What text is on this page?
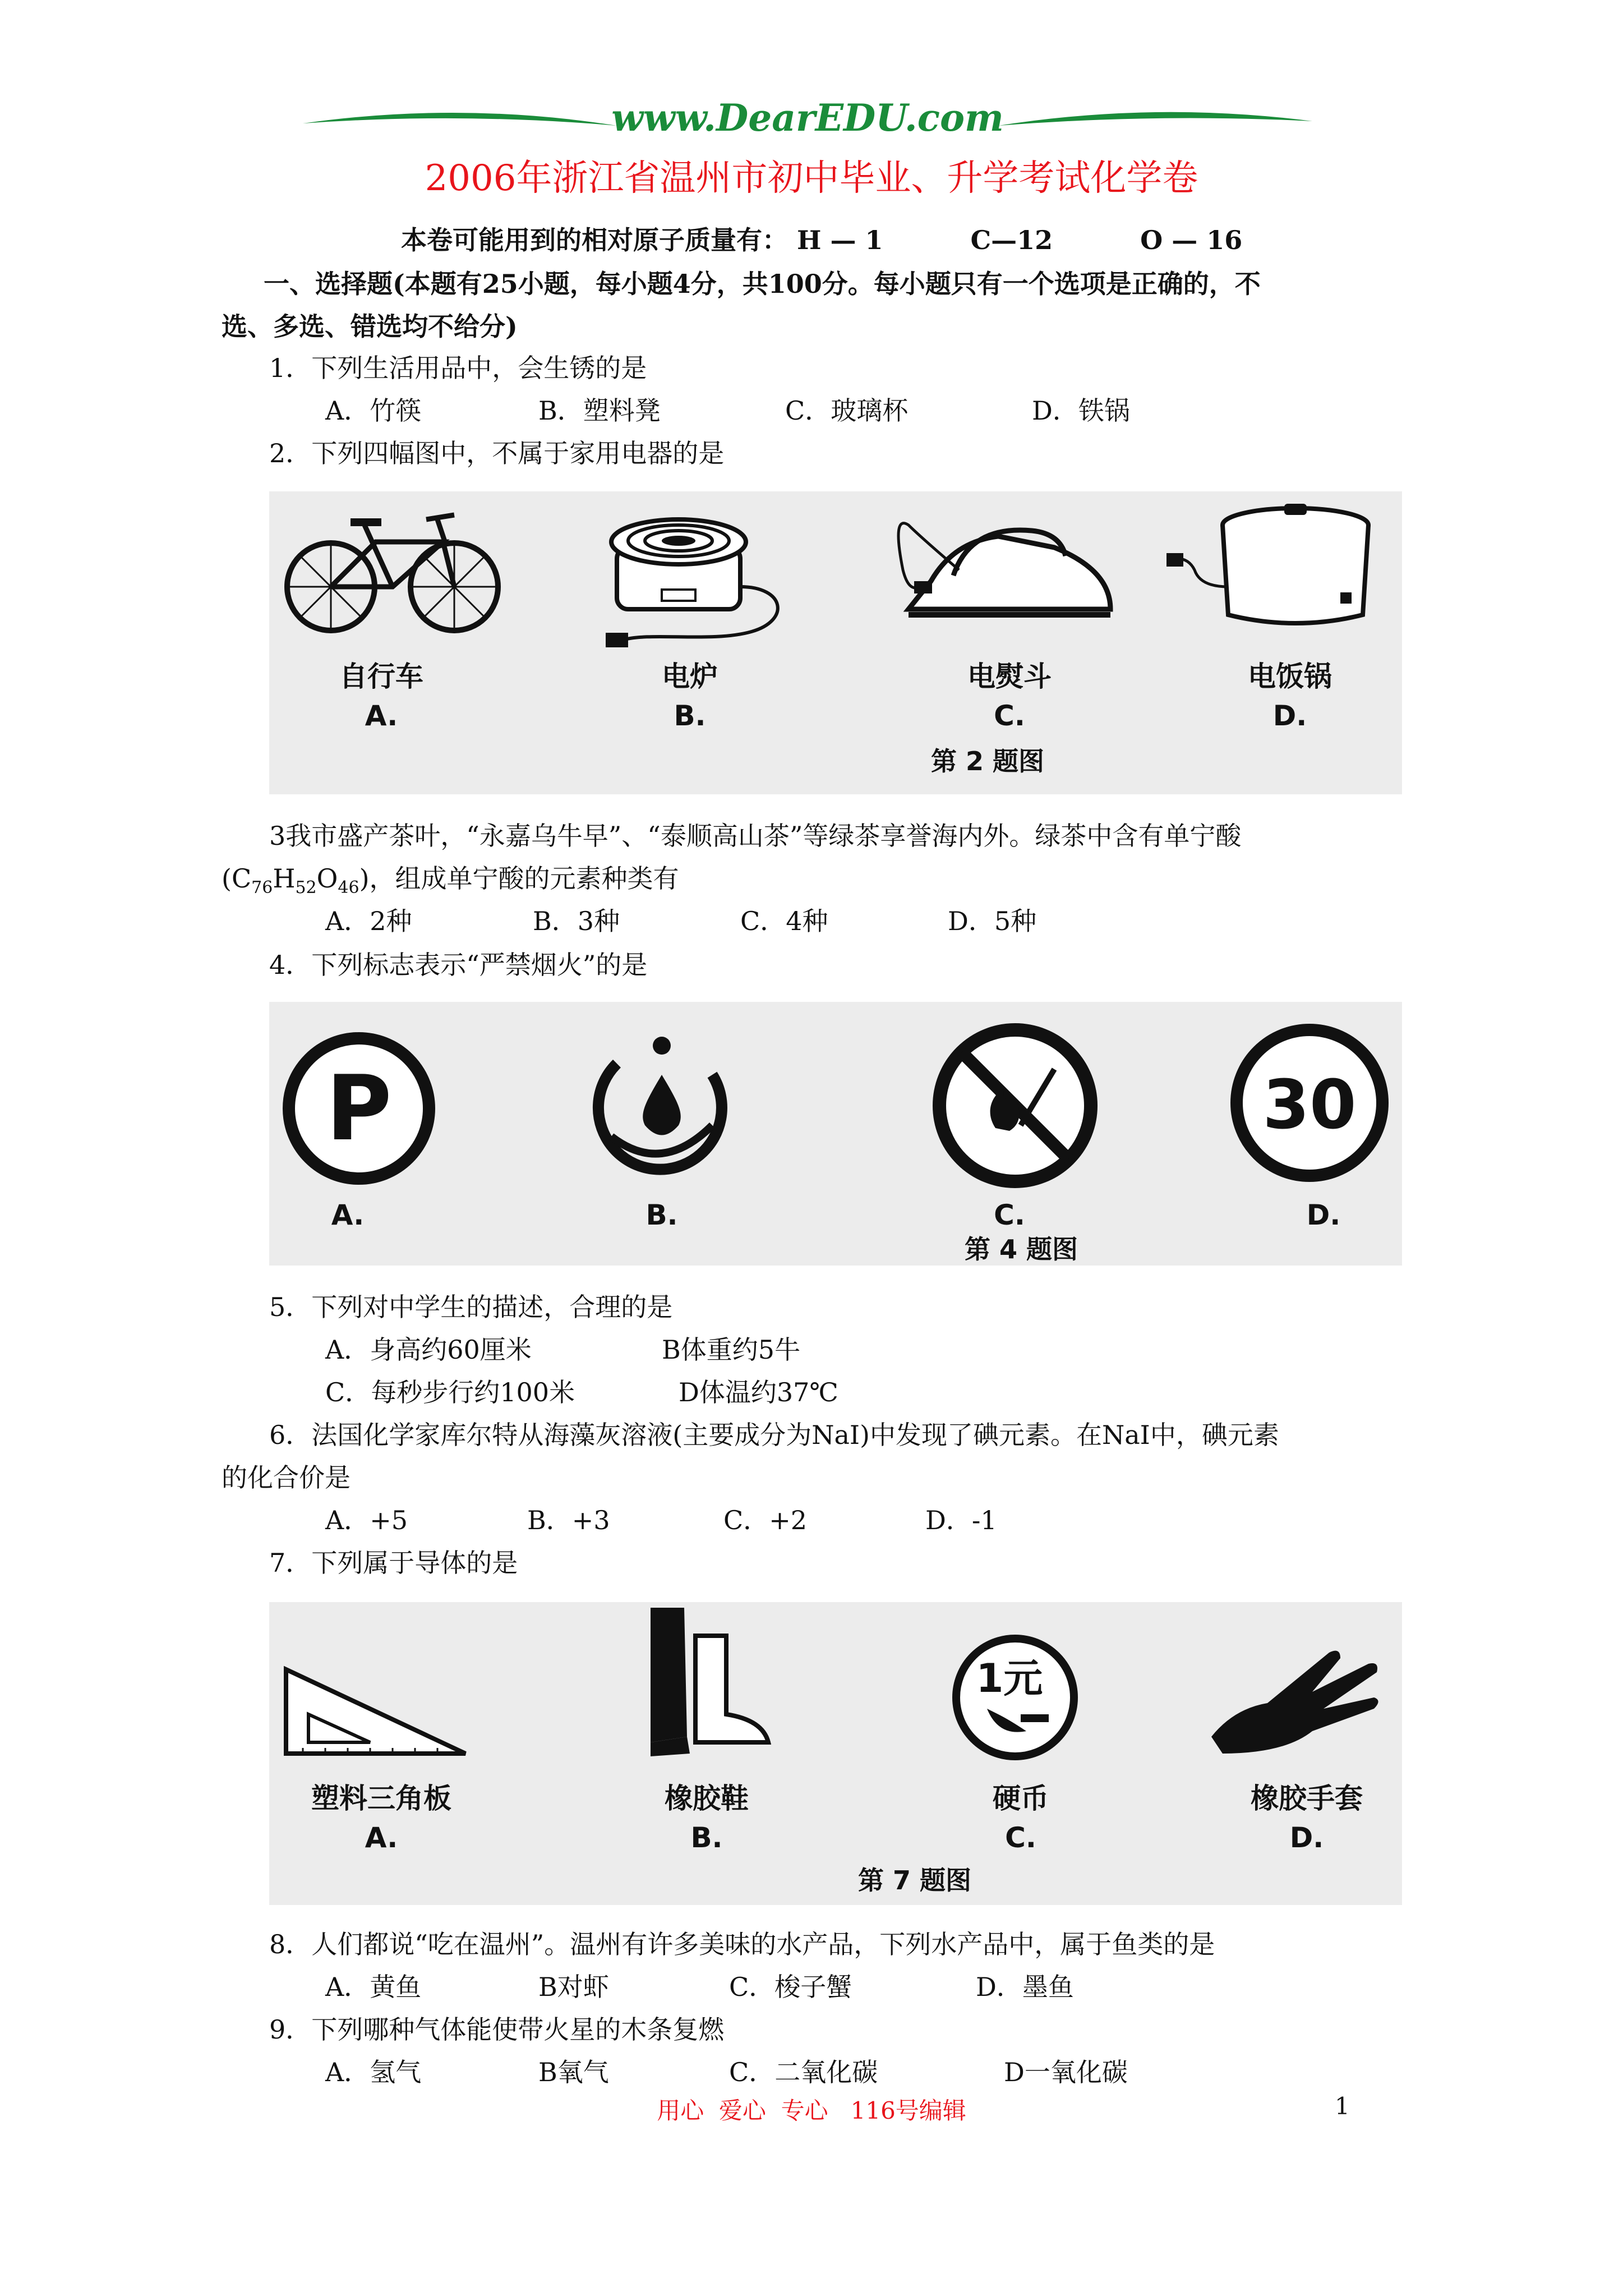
www.DearEDU.com
2006年浙江省温州市初中毕业、升学考试化学卷
本卷可能用到的相对原子质量有： H — 1	C—12	O — 16
一、选择题(本题有25小题，每小题4分，共100分。每小题只有一个选项是正确的，不
选、多选、错选均不给分)
1．下列生活用品中，会生锈的是
A．竹筷	B．塑料凳	C．玻璃杯	D．铁锅
2．下列四幅图中，不属于家用电器的是
自行车	电炉	电熨斗	电饭锅
A.	B.	C.	D.
第 2 题图
3我市盛产茶叶，“永嘉乌牛早”、“泰顺高山茶”等绿茶享誉海内外。绿茶中含有单宁酸
$(C_{76}H_{52}O_{46})$，组成单宁酸的元素种类有
A．2种	B．3种	C．4种	D．5种
4．下列标志表示“严禁烟火”的是
P	30
A.	B.	C.	D.
第 4 题图
5．下列对中学生的描述，合理的是
A．身高约60厘米	B体重约5牛
C．每秒步行约100米	D体温约37℃
6．法国化学家库尔特从海藻灰溶液(主要成分为NaI)中发现了碘元素。在NaI中，碘元素
的化合价是
A．+5	B．+3	C．+2	D．-1
7．下列属于导体的是
1元
塑料三角板	橡胶鞋	硬币	橡胶手套
A.	B.	C.	D.
第 7 题图
8．人们都说“吃在温州”。温州有许多美味的水产品，下列水产品中，属于鱼类的是
A．黄鱼	B对虾	C．梭子蟹	D．墨鱼
9．下列哪种气体能使带火星的木条复燃
A．氢气	B氧气	C．二氧化碳	D一氧化碳
用心  爱心  专心   116号编辑	1
